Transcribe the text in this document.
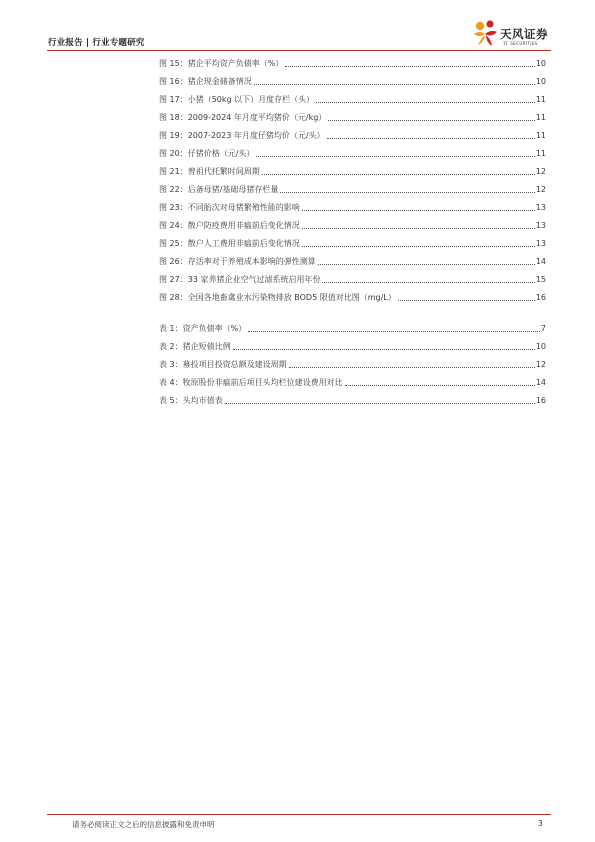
行业报告 | 行业专题研究
天风证券
TF SECURITIES
图 15：猪企平均资产负债率（%）	10
图 16：猪企现金储备情况	10
图 17：小猪（50kg 以下）月度存栏（头）	11
图 18：2009-2024 年月度平均猪价（元/kg）	11
图 19：2007-2023 年月度仔猪均价（元/头）	11
图 20：仔猪价格（元/头）	11
图 21：曾祖代托繁时间周期	12
图 22：后备母猪/基础母猪存栏量	12
图 23：不同胎次对母猪繁殖性能的影响	13
图 24：散户防疫费用非瘟前后变化情况	13
图 25：散户人工费用非瘟前后变化情况	13
图 26：存活率对于养殖成本影响的弹性测算	14
图 27：33 家养猪企业空气过滤系统启用年份	15
图 28：全国各地畜禽业水污染物排放 BOD5 限值对比图（mg/L）	16
表 1：资产负债率（%）	7
表 2：猪企短债比例	10
表 3：募投项目投资总额及建设周期	12
表 4：牧原股份非瘟前后项目头均栏位建设费用对比	14
表 5：头均市值表	16
请务必阅读正文之后的信息披露和免责申明	3
